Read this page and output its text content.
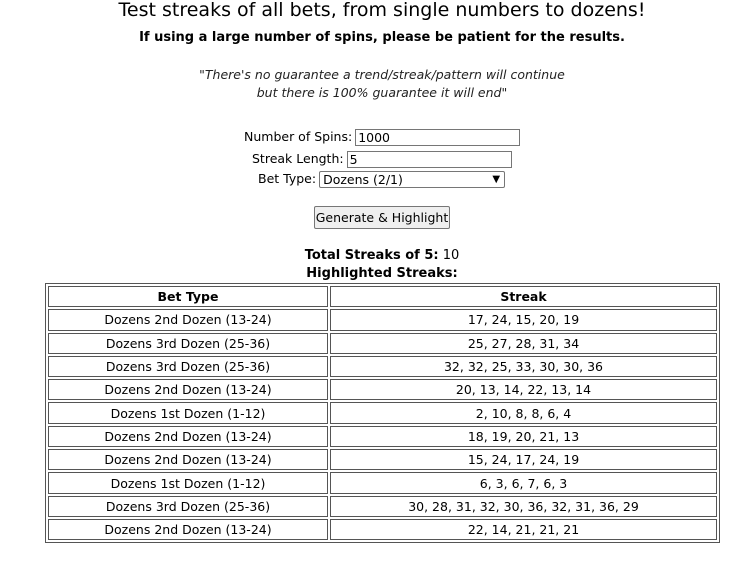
Test streaks of all bets, from single numbers to dozens!
If using a large number of spins, please be patient for the results.
"There's no guarantee a trend/streak/pattern will continue
but there is 100% guarantee it will end"
Number of Spins:1000
Streak Length:5
Bet Type: Dozens (2/1)	▼
Generate & Highlight
Total Streaks of 5: 10
Highlighted Streaks:
Bet Type	Streak
Dozens 2nd Dozen (13-24)	17, 24, 15, 20, 19
Dozens 3rd Dozen (25-36)	25, 27, 28, 31, 34
Dozens 3rd Dozen (25-36)	32, 32, 25, 33, 30, 30, 36
Dozens 2nd Dozen (13-24)	20, 13, 14, 22, 13, 14
Dozens 1st Dozen (1-12)	2, 10, 8, 8, 6, 4
Dozens 2nd Dozen (13-24)	18, 19, 20, 21, 13
Dozens 2nd Dozen (13-24)	15, 24, 17, 24, 19
Dozens 1st Dozen (1-12)	6, 3, 6, 7, 6, 3
Dozens 3rd Dozen (25-36)	30, 28, 31, 32, 30, 36, 32, 31, 36, 29
Dozens 2nd Dozen (13-24)	22, 14, 21, 21, 21
